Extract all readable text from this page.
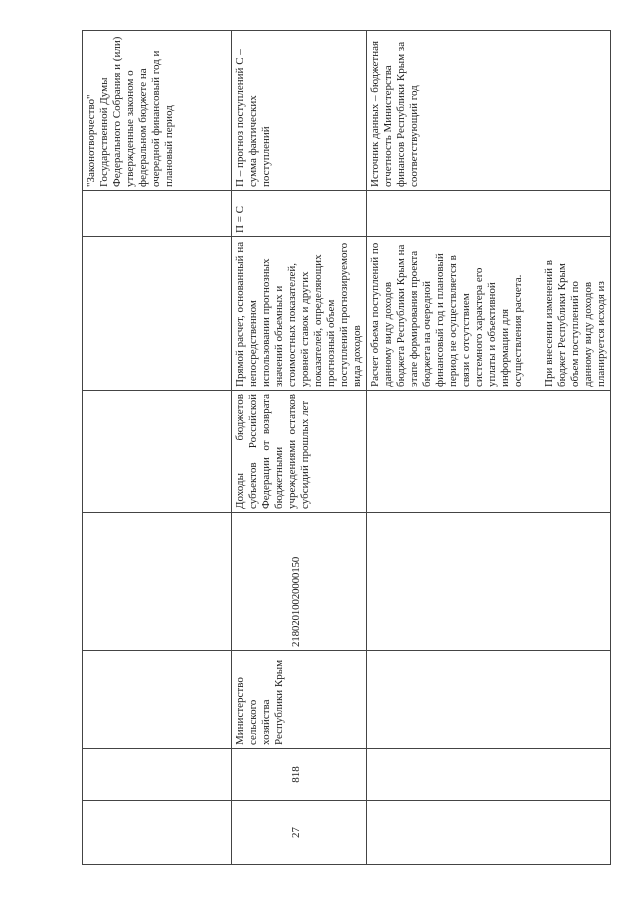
							"Законотворчество" Государственной Думы Федерального Собрания и (или) утвержденные законом о федеральном бюджете на очередной финансовый год и плановый период

27	818	Министерство сельского хозяйства Республики Крым	21802010020000150	Доходы бюджетов субъектов Российской Федерации от возврата бюджетными учреждениями остатков субсидий прошлых лет	Прямой расчет, основанный на непосредственном использовании прогнозных значений объемных и стоимостных показателей, уровней ставок и других показателей, определяющих прогнозный объем поступлений прогнозируемого вида доходов	П = С	П – прогноз поступлений С – сумма фактических поступлений
					Расчет объема поступлений по данному виду доходов бюджета Республики Крым на этапе формирования проекта бюджета на очередной финансовый год и плановый период не осуществляется в связи с отсутствием системного характера его уплаты и объективной информации для осуществления расчета. При внесении изменений в бюджет Республики Крым объем поступлений по данному виду доходов планируется исходя из		Источник данных – бюджетная отчетность Министерства финансов Республики Крым за соответствующий год
